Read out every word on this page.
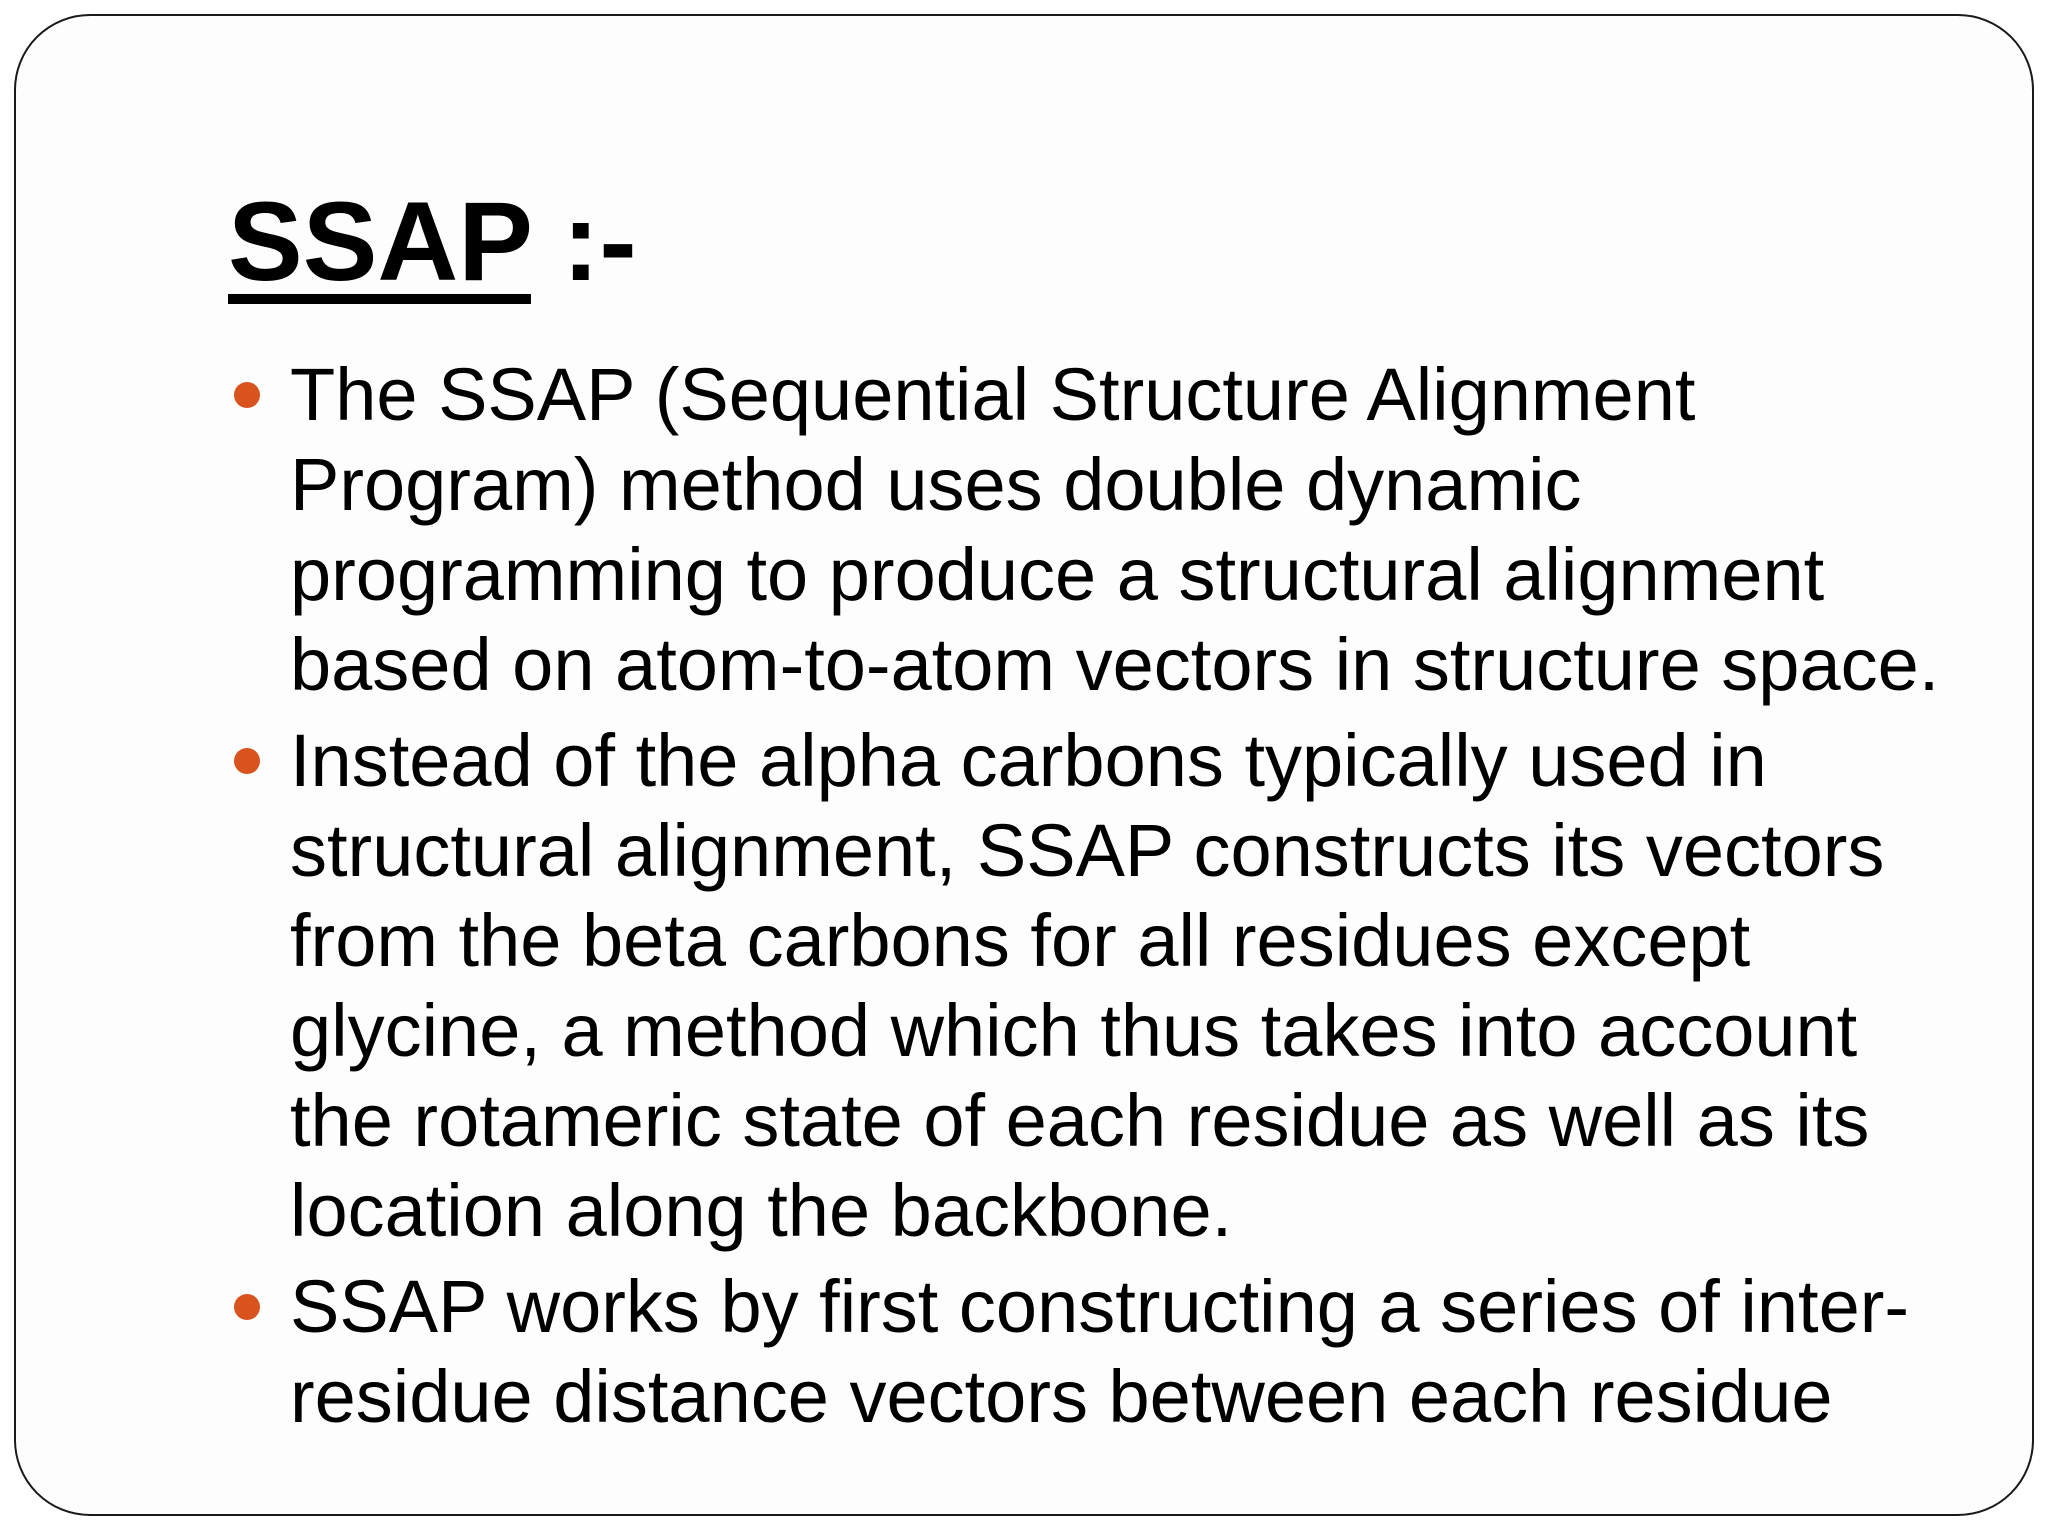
SSAP :-
The SSAP (Sequential Structure Alignment Program) method uses double dynamic programming to produce a structural alignment based on atom-to-atom vectors in structure space.
Instead of the alpha carbons typically used in structural alignment, SSAP constructs its vectors from the beta carbons for all residues except glycine, a method which thus takes into account the rotameric state of each residue as well as its location along the backbone.
SSAP works by first constructing a series of inter-residue distance vectors between each residue
